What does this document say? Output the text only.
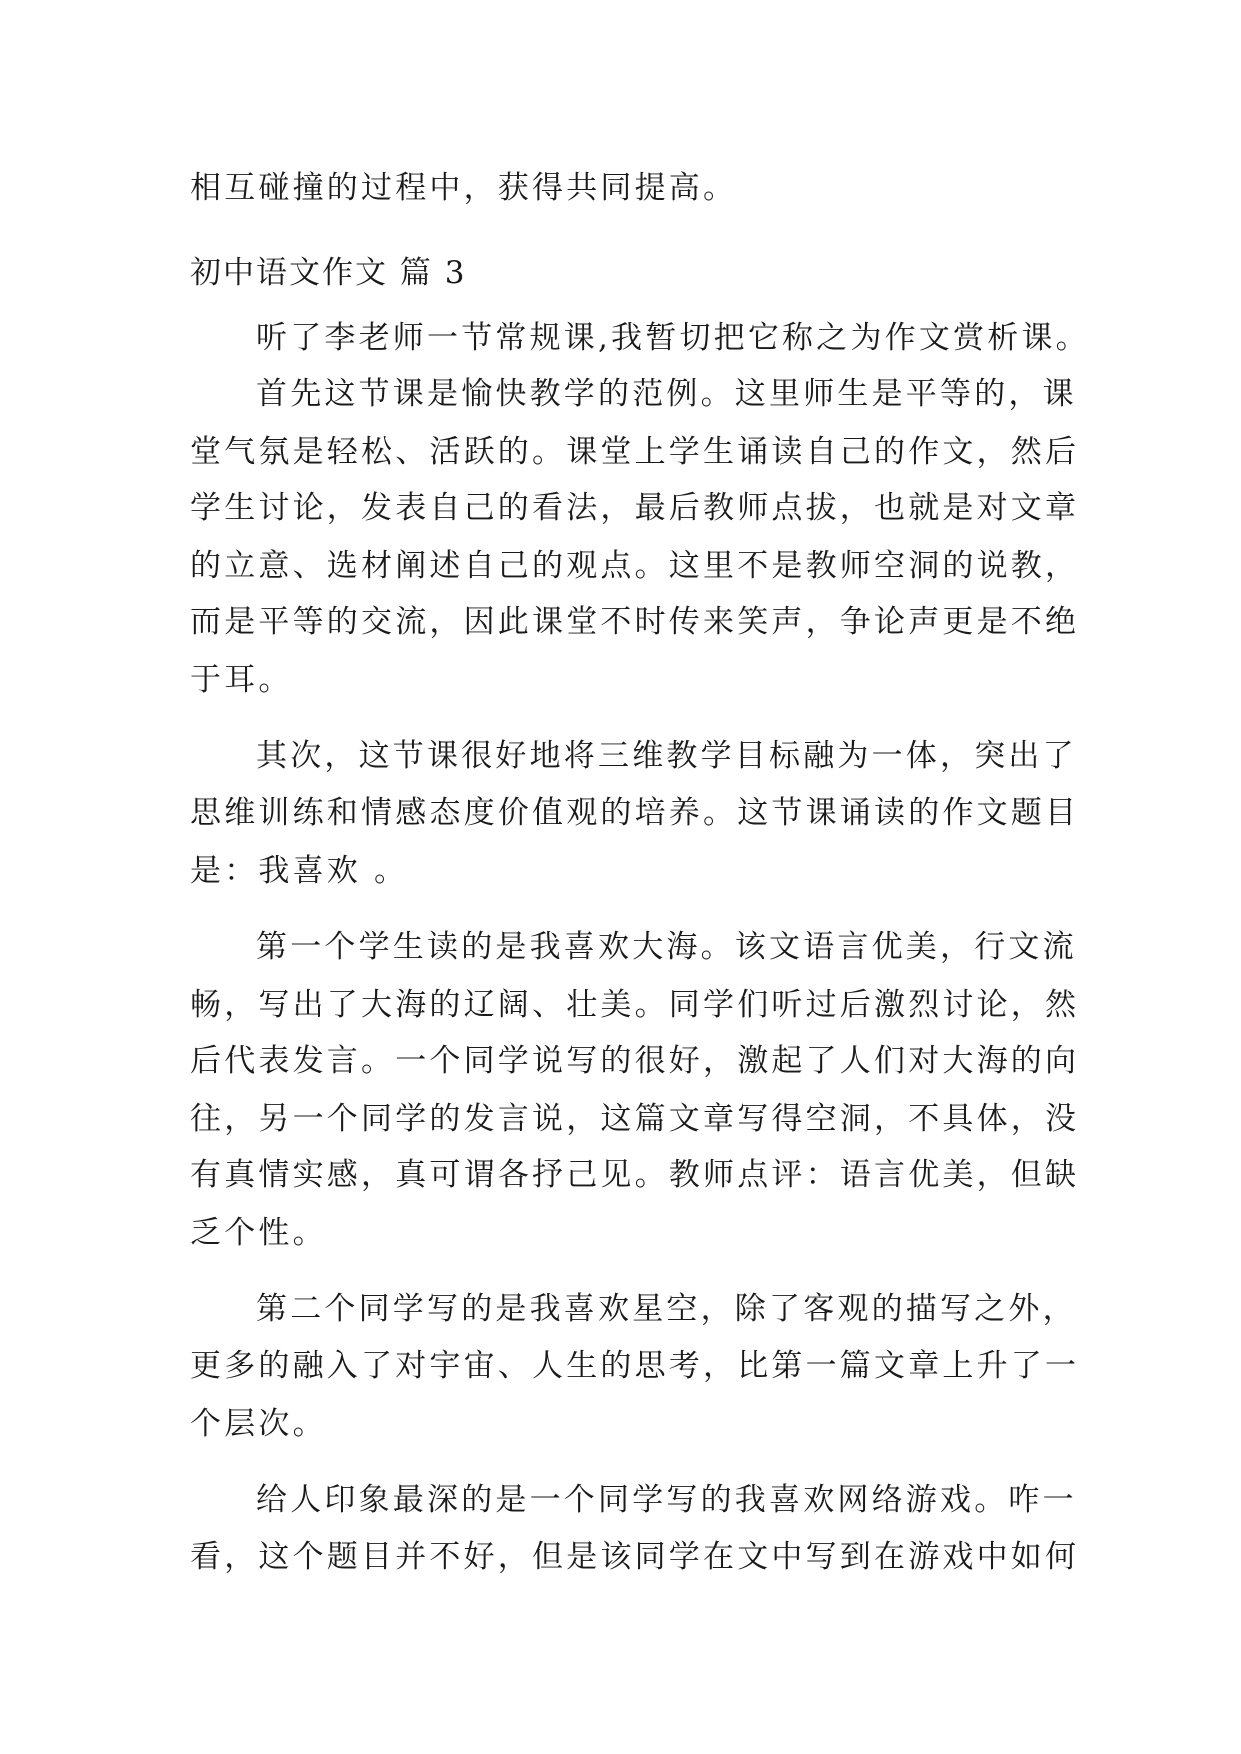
相互碰撞的过程中，获得共同提高。
初中语文作文 篇 3
听了李老师一节常规课,我暂切把它称之为作文赏析课。
首先这节课是愉快教学的范例。这里师生是平等的，课
堂气氛是轻松、活跃的。课堂上学生诵读自己的作文，然后
学生讨论，发表自己的看法，最后教师点拔，也就是对文章
的立意、选材阐述自己的观点。这里不是教师空洞的说教，
而是平等的交流，因此课堂不时传来笑声，争论声更是不绝
于耳。
其次，这节课很好地将三维教学目标融为一体，突出了
思维训练和情感态度价值观的培养。这节课诵读的作文题目
是：我喜欢 。
第一个学生读的是我喜欢大海。该文语言优美，行文流
畅，写出了大海的辽阔、壮美。同学们听过后激烈讨论，然
后代表发言。一个同学说写的很好，激起了人们对大海的向
往，另一个同学的发言说，这篇文章写得空洞，不具体，没
有真情实感，真可谓各抒己见。教师点评：语言优美，但缺
乏个性。
第二个同学写的是我喜欢星空，除了客观的描写之外，
更多的融入了对宇宙、人生的思考，比第一篇文章上升了一
个层次。
给人印象最深的是一个同学写的我喜欢网络游戏。咋一
看，这个题目并不好，但是该同学在文中写到在游戏中如何
